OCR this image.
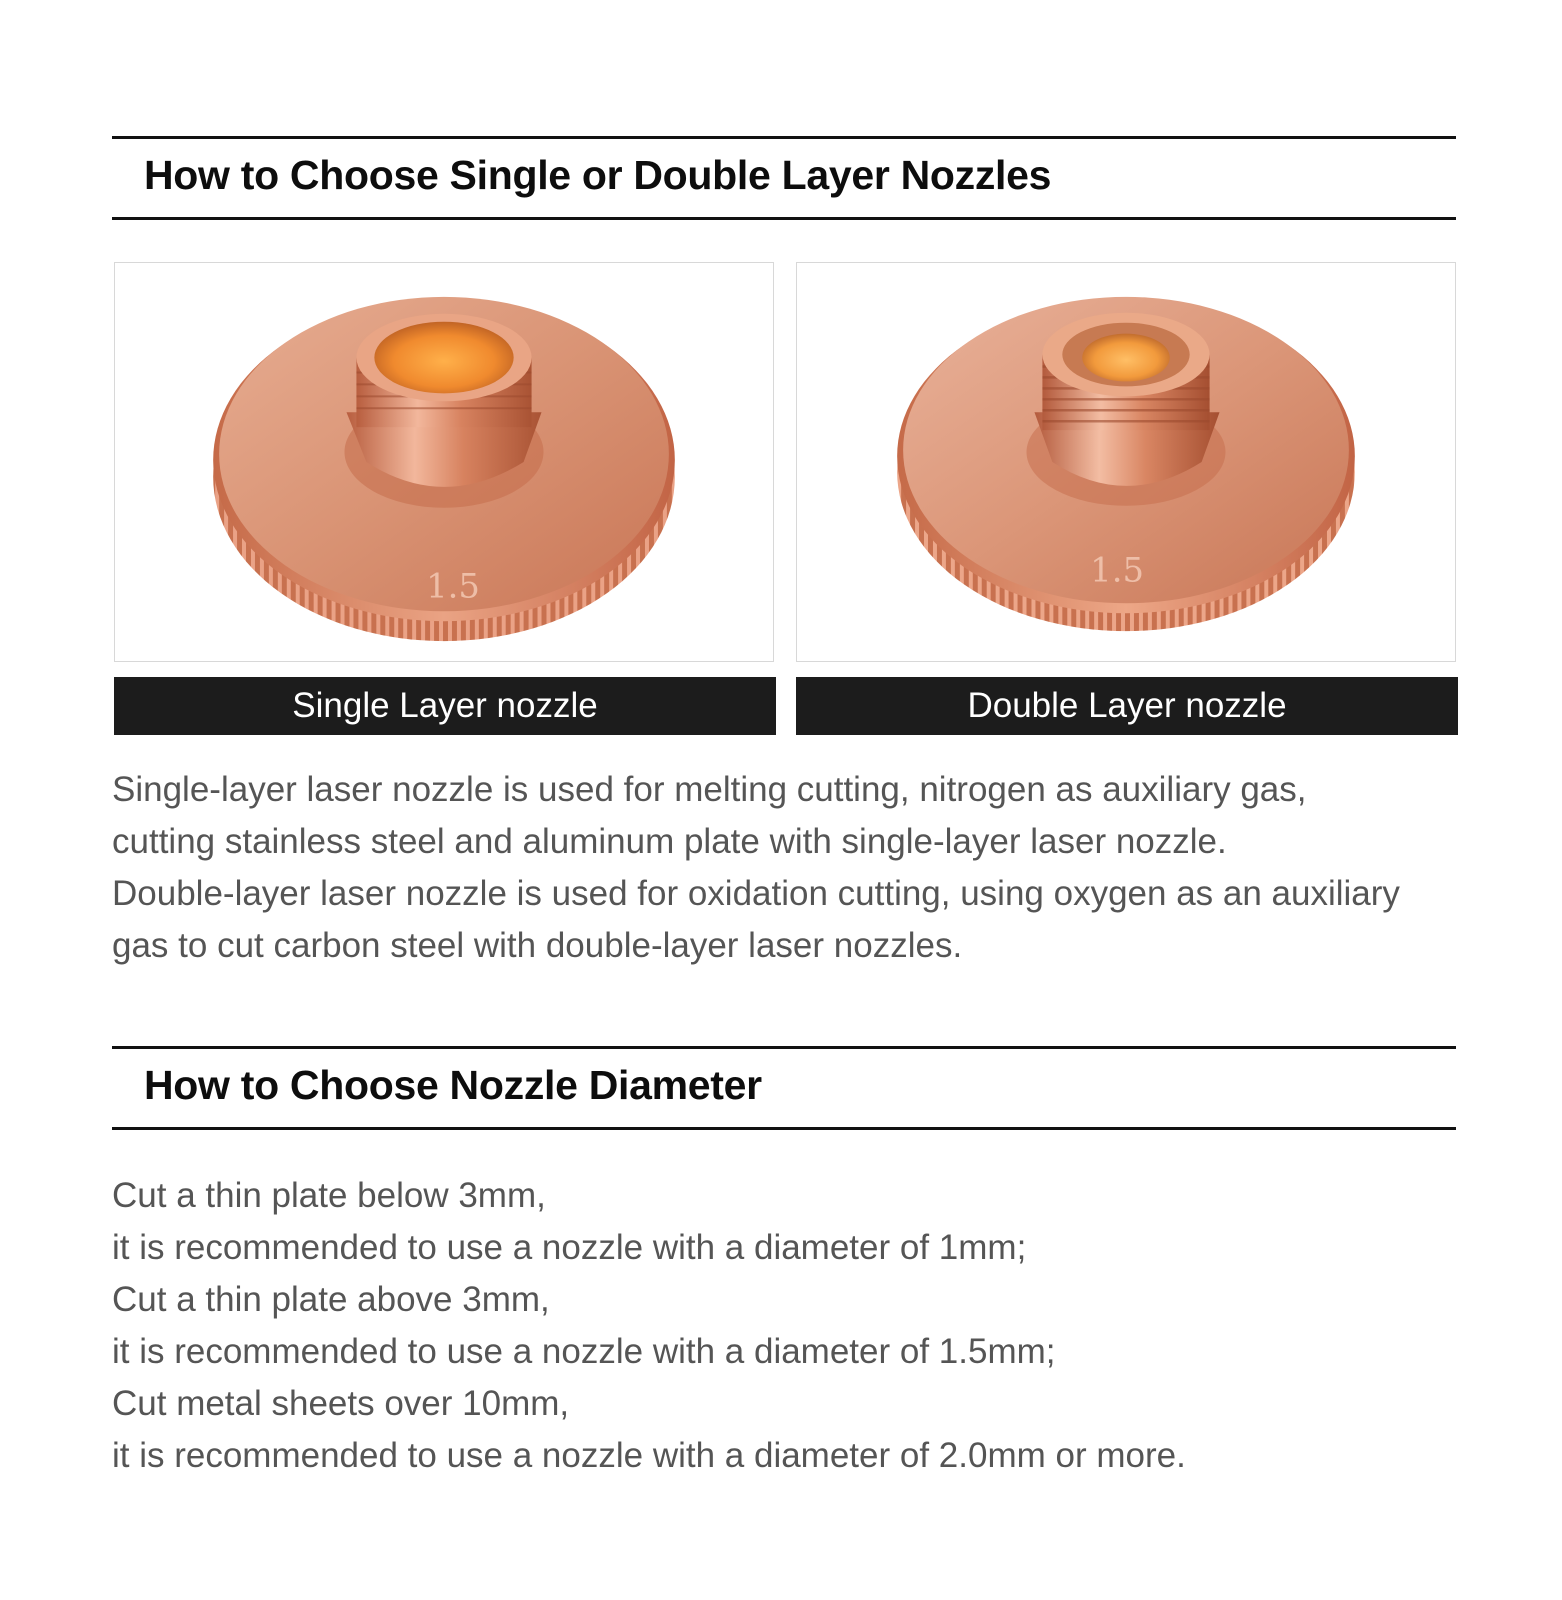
How to Choose Single or Double Layer Nozzles
1.5	1.5
Single Layer nozzle	Double Layer nozzle
Single-layer laser nozzle is used for melting cutting, nitrogen as auxiliary gas,
cutting stainless steel and aluminum plate with single-layer laser nozzle.
Double-layer laser nozzle is used for oxidation cutting, using oxygen as an auxiliary
gas to cut carbon steel with double-layer laser nozzles.
How to Choose Nozzle Diameter
Cut a thin plate below 3mm,
it is recommended to use a nozzle with a diameter of 1mm;
Cut a thin plate above 3mm,
it is recommended to use a nozzle with a diameter of 1.5mm;
Cut metal sheets over 10mm,
it is recommended to use a nozzle with a diameter of 2.0mm or more.
